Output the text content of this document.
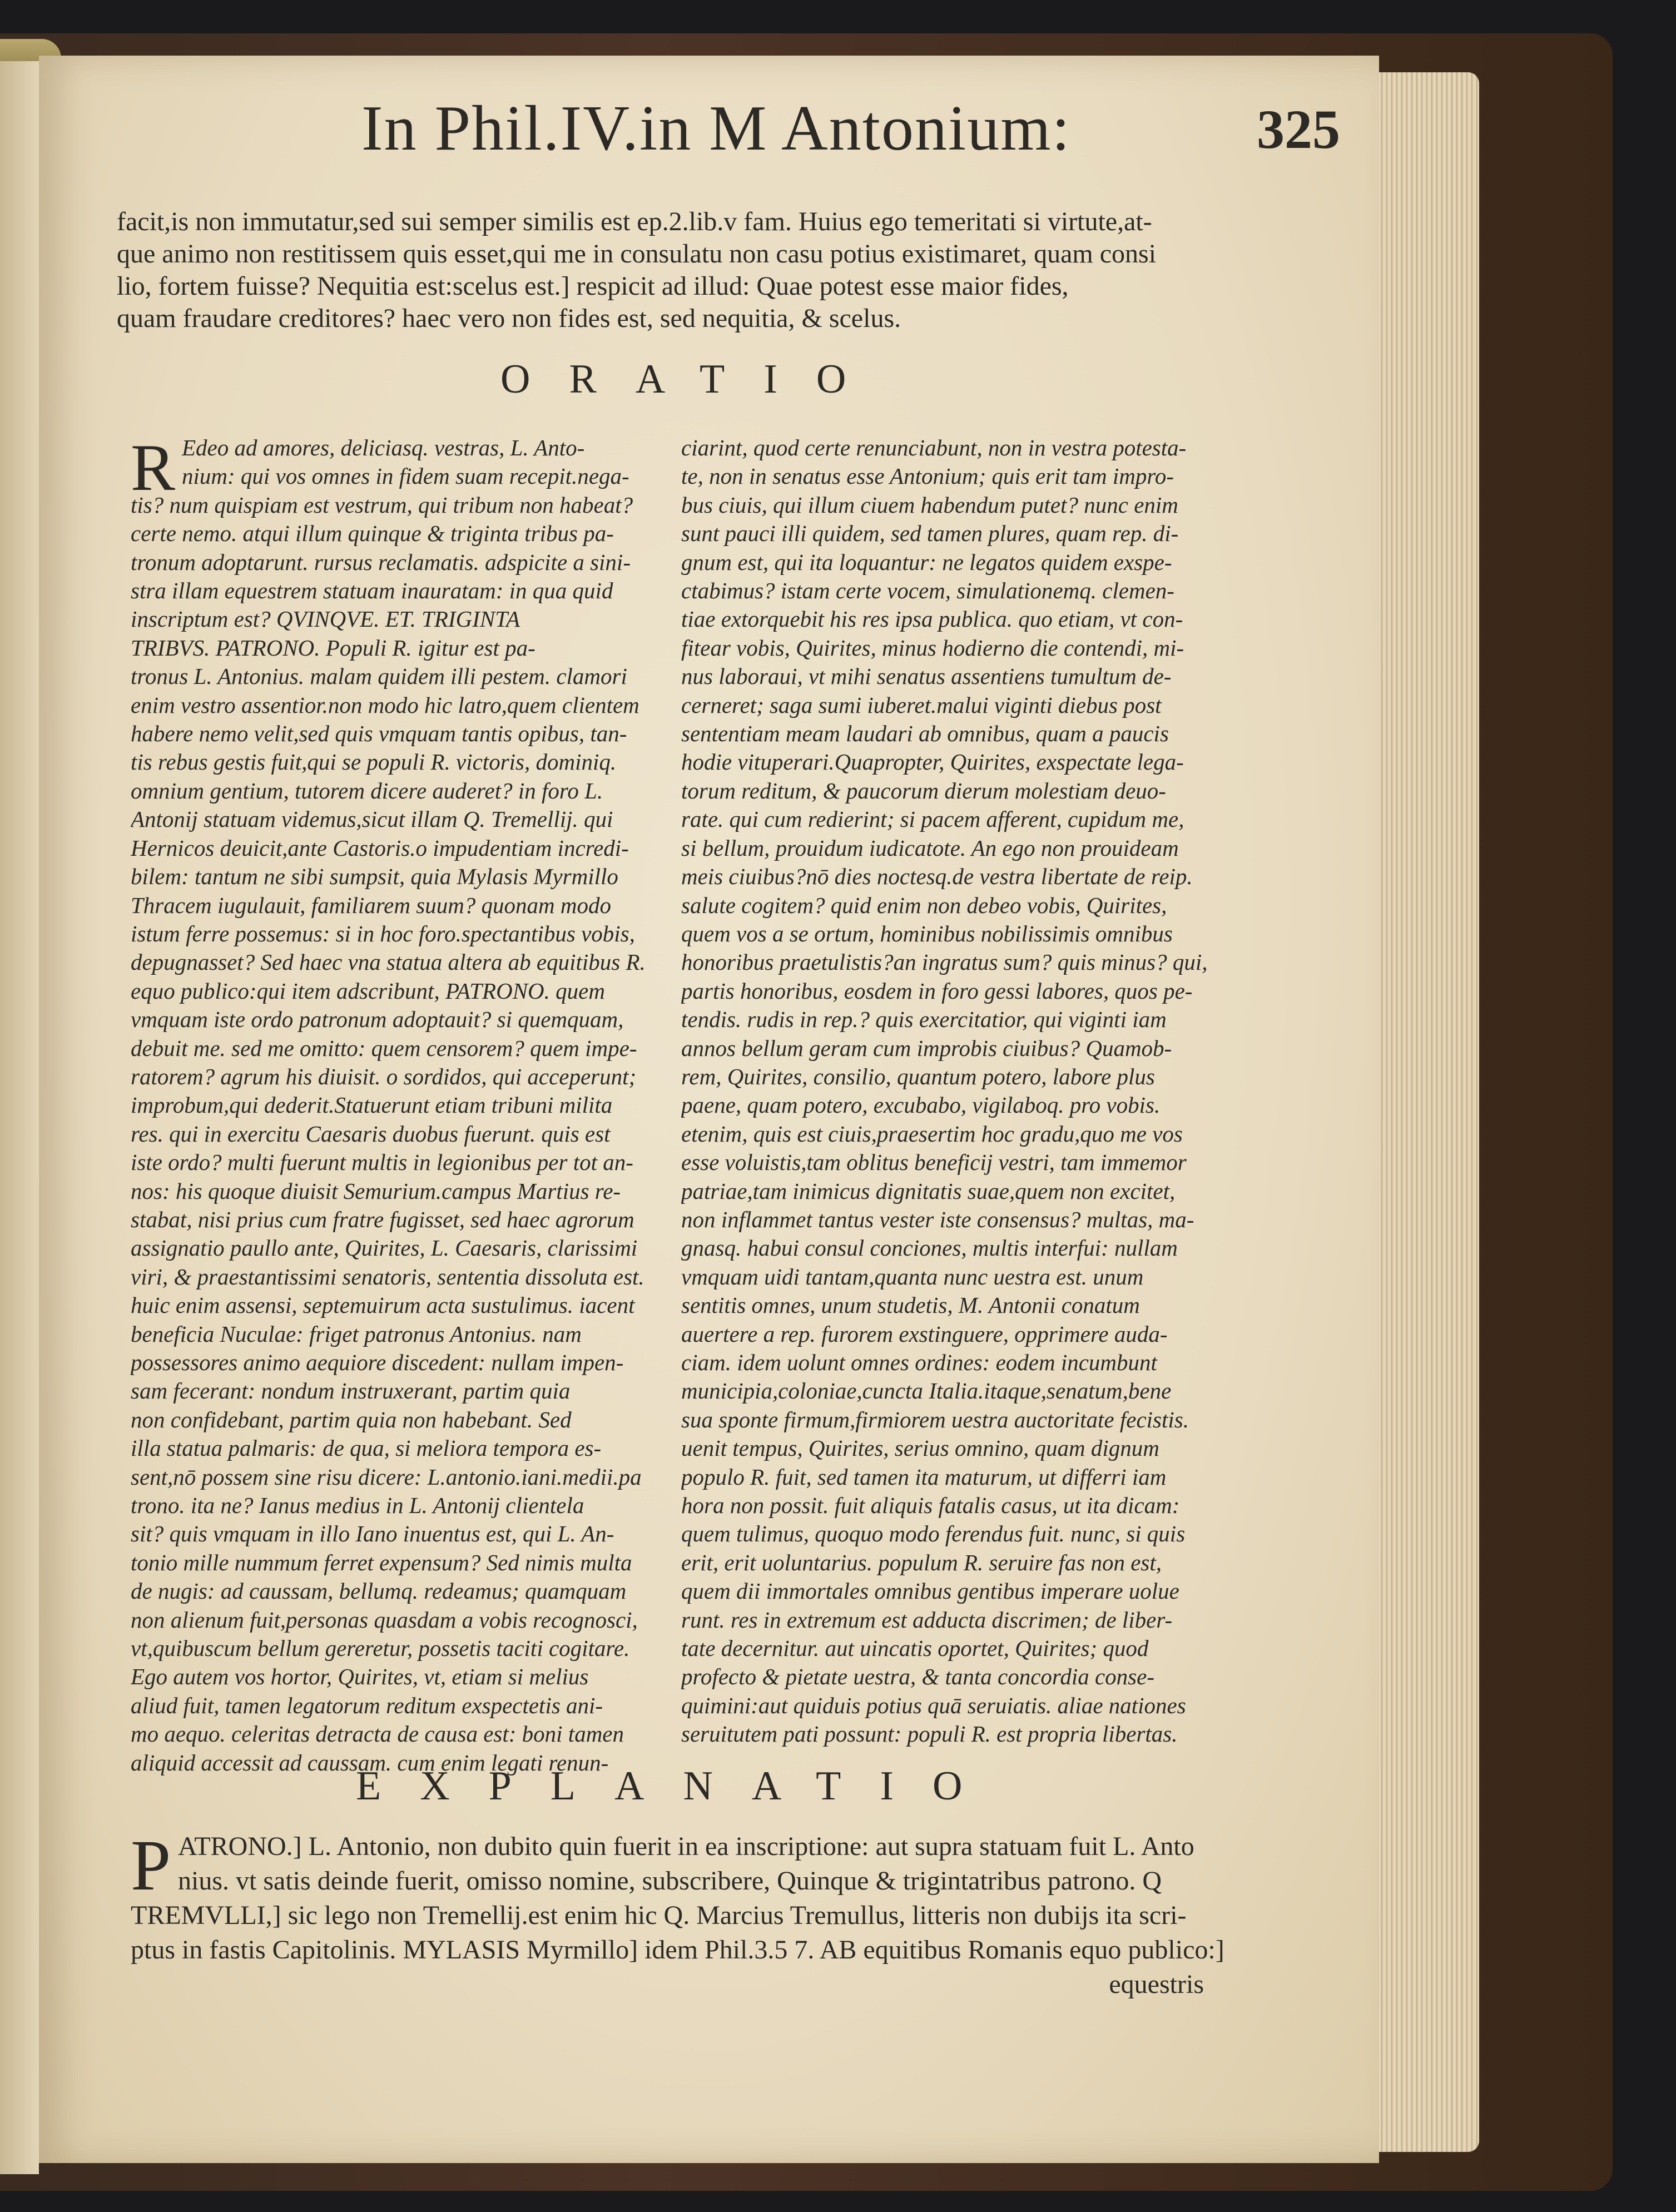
In Phil.IV.in M Antonium:	325
facit,is non immutatur,sed sui semper similis est ep.2.lib.v fam. Huius ego temeritati si virtute,at-
que animo non restitissem quis esset,qui me in consulatu non casu potius existimaret, quam consi
lio, fortem fuisse? Nequitia est:scelus est.] respicit ad illud: Quae potest esse maior fides,
quam fraudare creditores? haec vero non fides est, sed nequitia, & scelus.
ORATIO
R Edeo ad amores, deliciasq. vestras, L. Anto-
nium: qui vos omnes in fidem suam recepit.nega-
tis? num quispiam est vestrum, qui tribum non habeat?
certe nemo. atqui illum quinque & triginta tribus pa-
tronum adoptarunt. rursus reclamatis. adspicite a sini-
stra illam equestrem statuam inauratam: in qua quid
inscriptum est? QVINQVE. ET. TRIGINTA
TRIBVS. PATRONO. Populi R. igitur est pa-
tronus L. Antonius. malam quidem illi pestem. clamori
enim vestro assentior.non modo hic latro,quem clientem
habere nemo velit,sed quis vmquam tantis opibus, tan-
tis rebus gestis fuit,qui se populi R. victoris, dominiq.
omnium gentium, tutorem dicere auderet? in foro L.
Antonij statuam videmus,sicut illam Q. Tremellij. qui
Hernicos deuicit,ante Castoris.o impudentiam incredi-
bilem: tantum ne sibi sumpsit, quia Mylasis Myrmillo
Thracem iugulauit, familiarem suum? quonam modo
istum ferre possemus: si in hoc foro.spectantibus vobis,
depugnasset? Sed haec vna statua altera ab equitibus R.
equo publico:qui item adscribunt, PATRONO. quem
vmquam iste ordo patronum adoptauit? si quemquam,
debuit me. sed me omitto: quem censorem? quem impe-
ratorem? agrum his diuisit. o sordidos, qui acceperunt;
improbum,qui dederit.Statuerunt etiam tribuni milita
res. qui in exercitu Caesaris duobus fuerunt. quis est
iste ordo? multi fuerunt multis in legionibus per tot an-
nos: his quoque diuisit Semurium.campus Martius re-
stabat, nisi prius cum fratre fugisset, sed haec agrorum
assignatio paullo ante, Quirites, L. Caesaris, clarissimi
viri, & praestantissimi senatoris, sententia dissoluta est.
huic enim assensi, septemuirum acta sustulimus. iacent
beneficia Nuculae: friget patronus Antonius. nam
possessores animo aequiore discedent: nullam impen-
sam fecerant: nondum instruxerant, partim quia
non confidebant, partim quia non habebant. Sed
illa statua palmaris: de qua, si meliora tempora es-
sent,nō possem sine risu dicere: L.antonio.iani.medii.pa
trono. ita ne? Ianus medius in L. Antonij clientela
sit? quis vmquam in illo Iano inuentus est, qui L. An-
tonio mille nummum ferret expensum? Sed nimis multa
de nugis: ad caussam, bellumq. redeamus; quamquam
non alienum fuit,personas quasdam a vobis recognosci,
vt,quibuscum bellum gereretur, possetis taciti cogitare.
Ego autem vos hortor, Quirites, vt, etiam si melius
aliud fuit, tamen legatorum reditum exspectetis ani-
mo aequo. celeritas detracta de causa est: boni tamen
aliquid accessit ad caussam. cum enim legati renun-
ciarint, quod certe renunciabunt, non in vestra potesta-
te, non in senatus esse Antonium; quis erit tam impro-
bus ciuis, qui illum ciuem habendum putet? nunc enim
sunt pauci illi quidem, sed tamen plures, quam rep. di-
gnum est, qui ita loquantur: ne legatos quidem exspe-
ctabimus? istam certe vocem, simulationemq. clemen-
tiae extorquebit his res ipsa publica. quo etiam, vt con-
fitear vobis, Quirites, minus hodierno die contendi, mi-
nus laboraui, vt mihi senatus assentiens tumultum de-
cerneret; saga sumi iuberet.malui viginti diebus post
sententiam meam laudari ab omnibus, quam a paucis
hodie vituperari.Quapropter, Quirites, exspectate lega-
torum reditum, & paucorum dierum molestiam deuo-
rate. qui cum redierint; si pacem afferent, cupidum me,
si bellum, prouidum iudicatote. An ego non prouideam
meis ciuibus?nō dies noctesq.de vestra libertate de reip.
salute cogitem? quid enim non debeo vobis, Quirites,
quem vos a se ortum, hominibus nobilissimis omnibus
honoribus praetulistis?an ingratus sum? quis minus? qui,
partis honoribus, eosdem in foro gessi labores, quos pe-
tendis. rudis in rep.? quis exercitatior, qui viginti iam
annos bellum geram cum improbis ciuibus? Quamob-
rem, Quirites, consilio, quantum potero, labore plus
paene, quam potero, excubabo, vigilaboq. pro vobis.
etenim, quis est ciuis,praesertim hoc gradu,quo me vos
esse voluistis,tam oblitus beneficij vestri, tam immemor
patriae,tam inimicus dignitatis suae,quem non excitet,
non inflammet tantus vester iste consensus? multas, ma-
gnasq. habui consul conciones, multis interfui: nullam
vmquam uidi tantam,quanta nunc uestra est. unum
sentitis omnes, unum studetis, M. Antonii conatum
auertere a rep. furorem exstinguere, opprimere auda-
ciam. idem uolunt omnes ordines: eodem incumbunt
municipia,coloniae,cuncta Italia.itaque,senatum,bene
sua sponte firmum,firmiorem uestra auctoritate fecistis.
uenit tempus, Quirites, serius omnino, quam dignum
populo R. fuit, sed tamen ita maturum, ut differri iam
hora non possit. fuit aliquis fatalis casus, ut ita dicam:
quem tulimus, quoquo modo ferendus fuit. nunc, si quis
erit, erit uoluntarius. populum R. seruire fas non est,
quem dii immortales omnibus gentibus imperare uolue
runt. res in extremum est adducta discrimen; de liber-
tate decernitur. aut uincatis oportet, Quirites; quod
profecto & pietate uestra, & tanta concordia conse-
quimini:aut quiduis potius quā seruiatis. aliae nationes
seruitutem pati possunt: populi R. est propria libertas.
EXPLANATIO
P ATRONO.] L. Antonio, non dubito quin fuerit in ea inscriptione: aut supra statuam fuit L. Anto
nius. vt satis deinde fuerit, omisso nomine, subscribere, Quinque & trigintatribus patrono. Q
TREMVLLI,] sic lego non Tremellij.est enim hic Q. Marcius Tremullus, litteris non dubijs ita scri-
ptus in fastis Capitolinis. MYLASIS Myrmillo] idem Phil.3.5 7. AB equitibus Romanis equo publico:]
equestris
